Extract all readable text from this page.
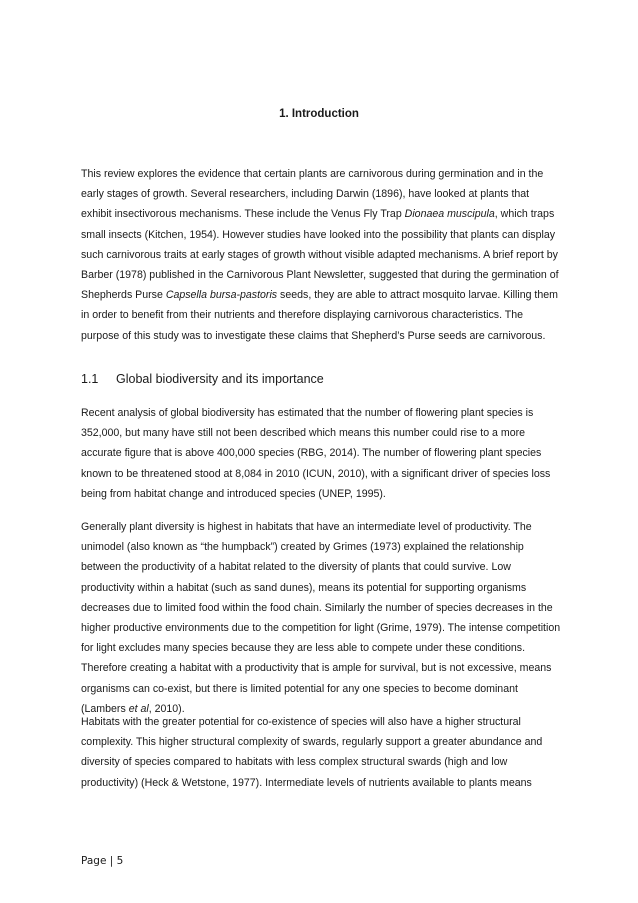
1. Introduction

This review explores the evidence that certain plants are carnivorous during germination and in the early stages of growth. Several researchers, including Darwin (1896), have looked at plants that exhibit insectivorous mechanisms. These include the Venus Fly Trap Dionaea muscipula, which traps small insects (Kitchen, 1954). However studies have looked into the possibility that plants can display such carnivorous traits at early stages of growth without visible adapted mechanisms. A brief report by Barber (1978) published in the Carnivorous Plant Newsletter, suggested that during the germination of Shepherds Purse Capsella bursa-pastoris seeds, they are able to attract mosquito larvae. Killing them in order to benefit from their nutrients and therefore displaying carnivorous characteristics. The purpose of this study was to investigate these claims that Shepherd’s Purse seeds are carnivorous.

1.1 Global biodiversity and its importance

Recent analysis of global biodiversity has estimated that the number of flowering plant species is 352,000, but many have still not been described which means this number could rise to a more accurate figure that is above 400,000 species (RBG, 2014). The number of flowering plant species known to be threatened stood at 8,084 in 2010 (ICUN, 2010), with a significant driver of species loss being from habitat change and introduced species (UNEP, 1995).

Generally plant diversity is highest in habitats that have an intermediate level of productivity. The unimodel (also known as “the humpback”) created by Grimes (1973) explained the relationship between the productivity of a habitat related to the diversity of plants that could survive. Low productivity within a habitat (such as sand dunes), means its potential for supporting organisms decreases due to limited food within the food chain. Similarly the number of species decreases in the higher productive environments due to the competition for light (Grime, 1979). The intense competition for light excludes many species because they are less able to compete under these conditions. Therefore creating a habitat with a productivity that is ample for survival, but is not excessive, means organisms can co-exist, but there is limited potential for any one species to become dominant (Lambers et al, 2010).

Habitats with the greater potential for co-existence of species will also have a higher structural complexity. This higher structural complexity of swards, regularly support a greater abundance and diversity of species compared to habitats with less complex structural swards (high and low productivity) (Heck & Wetstone, 1977). Intermediate levels of nutrients available to plants means

Page | 5
